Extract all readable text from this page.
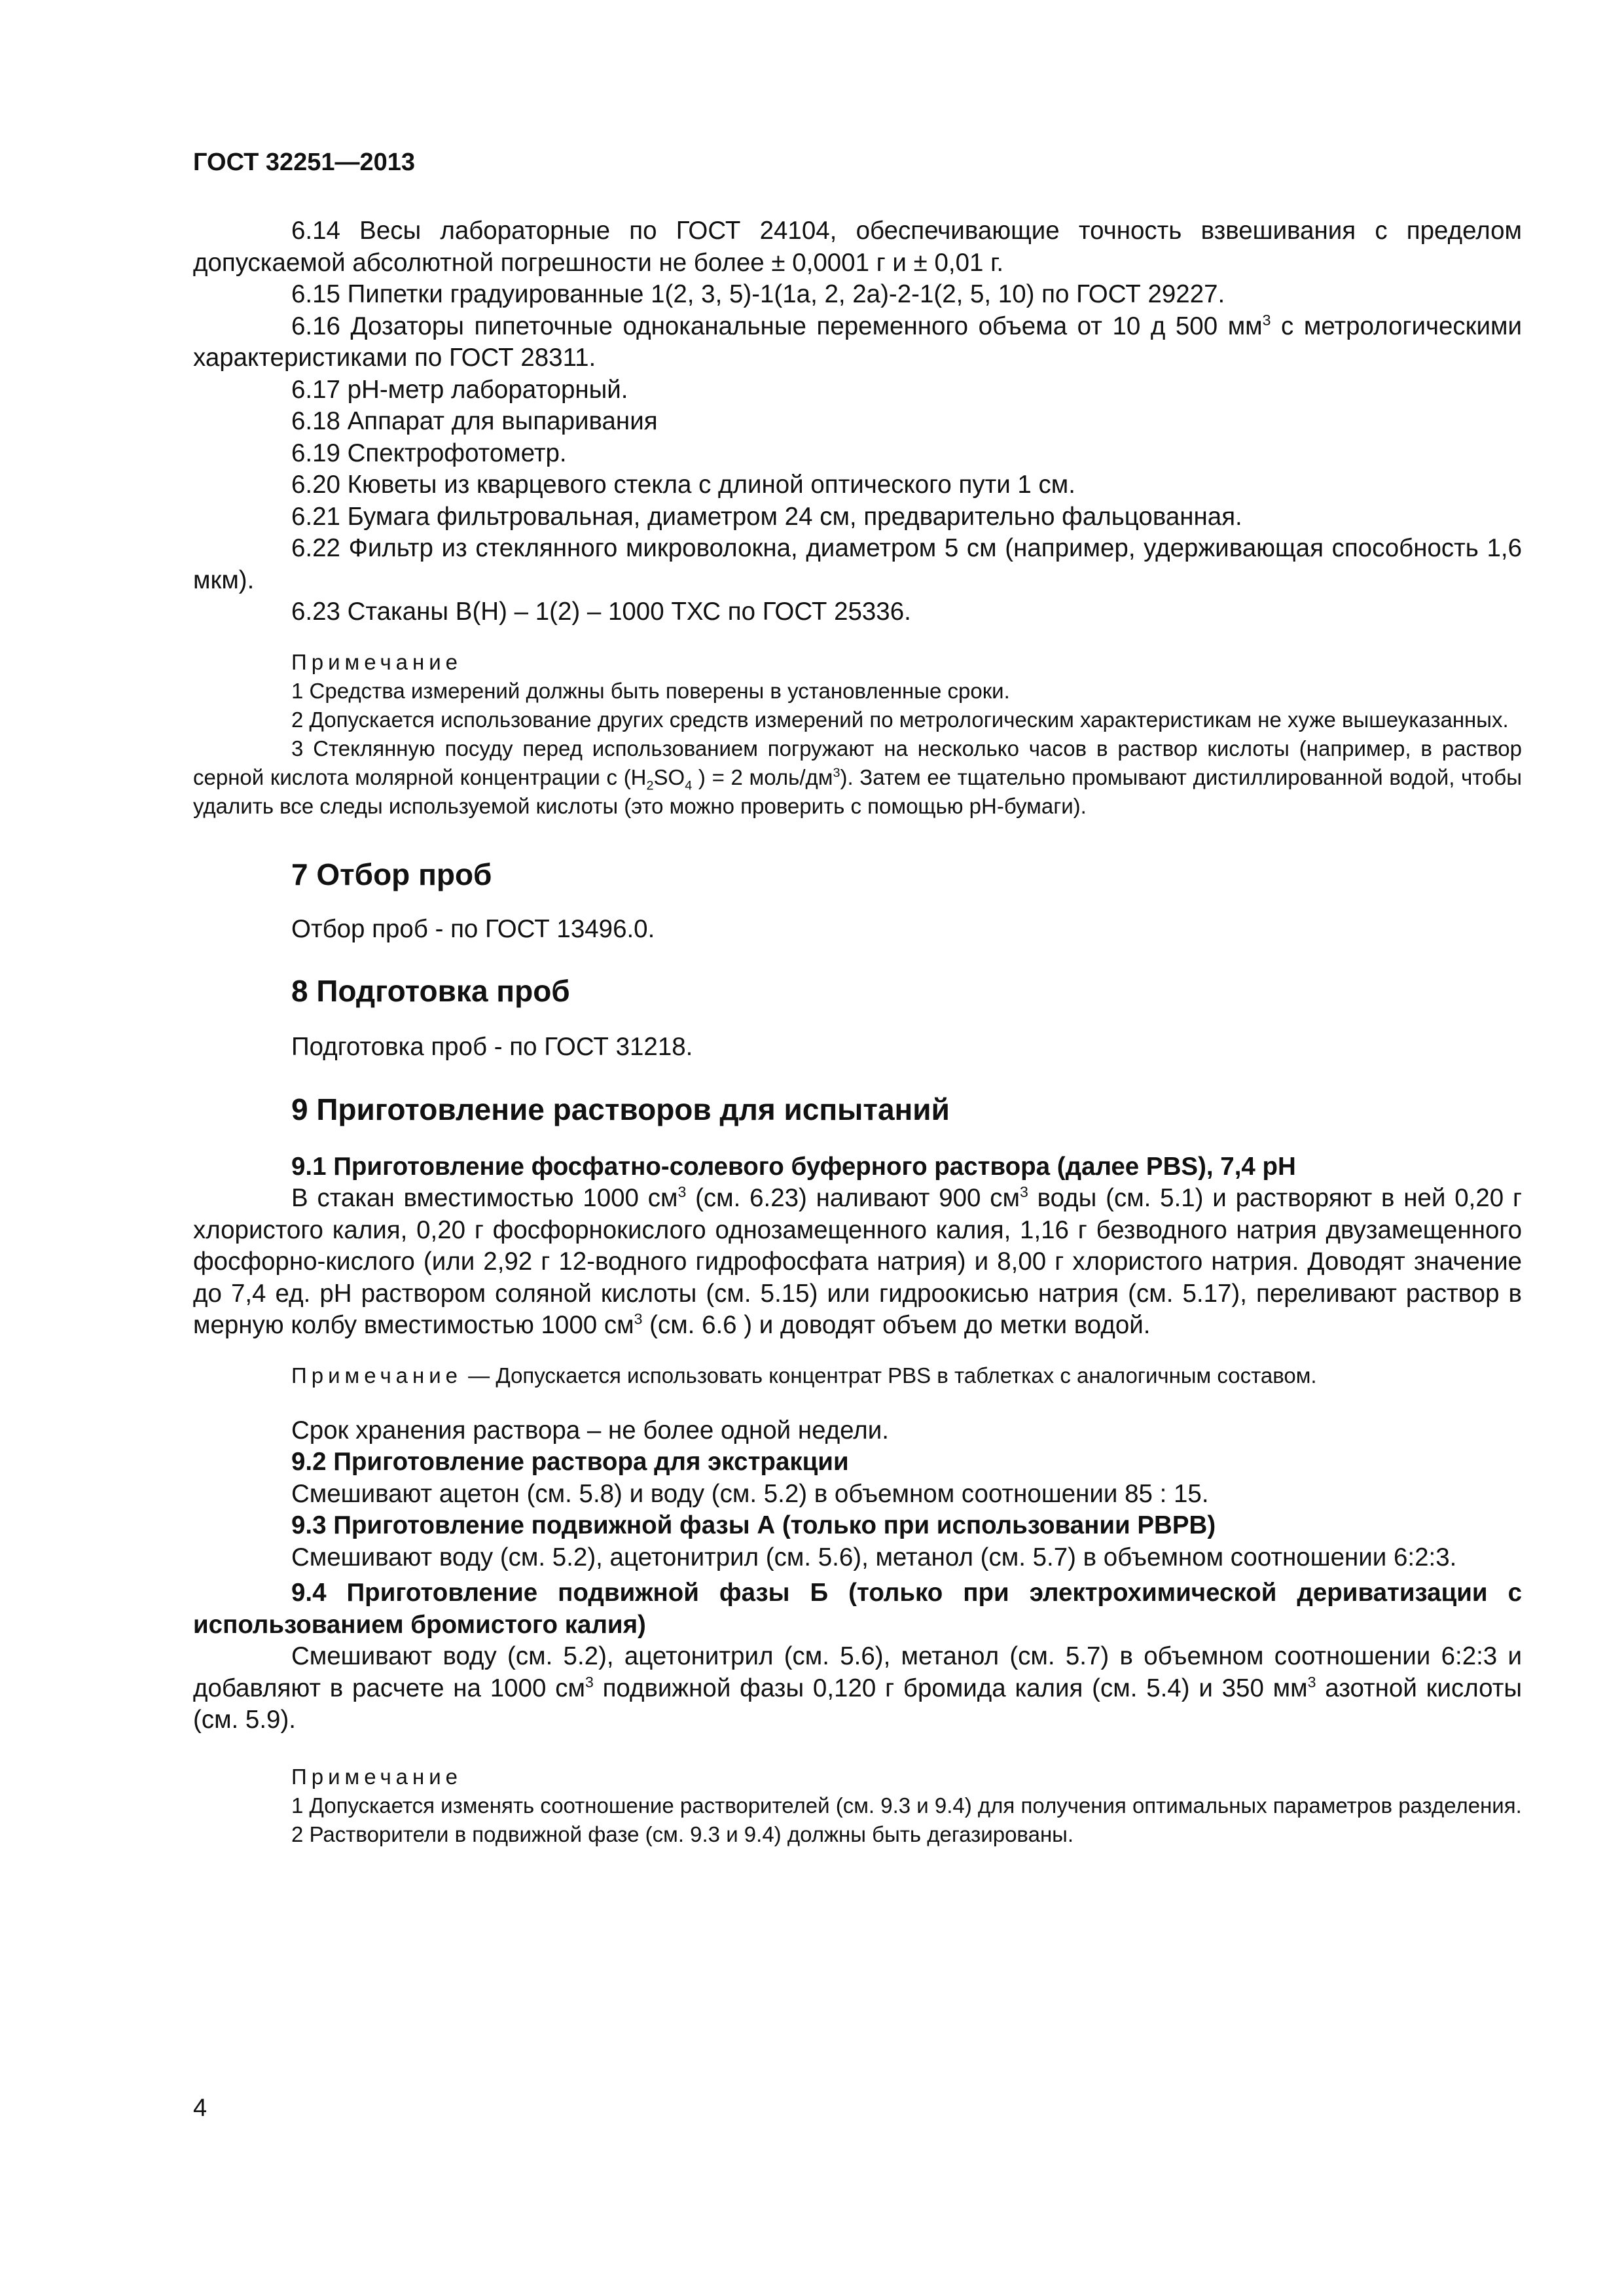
ГОСТ 32251—2013

6.14 Весы лабораторные по ГОСТ 24104, обеспечивающие точность взвешивания с пределом допускаемой абсолютной погрешности не более ± 0,0001 г и ± 0,01 г.

6.15 Пипетки градуированные 1(2, 3, 5)-1(1а, 2, 2а)-2-1(2, 5, 10) по ГОСТ 29227.

6.16 Дозаторы пипеточные одноканальные переменного объема от 10 д 500 $мм^3$ с метрологическими характеристиками по ГОСТ 28311.

6.17 pH-метр лабораторный.

6.18 Аппарат для выпаривания

6.19 Спектрофотометр.

6.20 Кюветы из кварцевого стекла с длиной оптического пути 1 см.

6.21 Бумага фильтровальная, диаметром 24 см, предварительно фальцованная.

6.22 Фильтр из стеклянного микроволокна, диаметром 5 см (например, удерживающая способность 1,6 мкм).

6.23 Стаканы В(Н) – 1(2) – 1000 ТХС по ГОСТ 25336.

Примечание

1 Средства измерений должны быть поверены в установленные сроки.

2 Допускается использование других средств измерений по метрологическим характеристикам не хуже вышеуказанных.

3 Стеклянную посуду перед использованием погружают на несколько часов в раствор кислоты (например, в раствор серной кислота молярной концентрации с ($H_2SO_4$ ) = 2 моль/$дм^3$). Затем ее тщательно промывают дистиллированной водой, чтобы удалить все следы используемой кислоты (это можно проверить с помощью pH-бумаги).

7 Отбор проб

Отбор проб - по ГОСТ 13496.0.

8 Подготовка проб

Подготовка проб - по ГОСТ 31218.

9 Приготовление растворов для испытаний

9.1 Приготовление фосфатно-солевого буферного раствора (далее PBS), 7,4 pH

В стакан вместимостью 1000 $см^3$ (см. 6.23) наливают 900 $см^3$ воды (см. 5.1) и растворяют в ней 0,20 г хлористого калия, 0,20 г фосфорнокислого однозамещенного калия, 1,16 г безводного натрия двузамещенного фосфорно-кислого (или 2,92 г 12-водного гидрофосфата натрия) и 8,00 г хлористого натрия. Доводят значение до 7,4 ед. pH раствором соляной кислоты (см. 5.15) или гидроокисью натрия (см. 5.17), переливают раствор в мерную колбу вместимостью 1000 $см^3$ (см. 6.6 ) и доводят объем до метки водой.

Примечание — Допускается использовать концентрат PBS в таблетках с аналогичным составом.

Срок хранения раствора – не более одной недели.

9.2 Приготовление раствора для экстракции

Смешивают ацетон (см. 5.8) и воду (см. 5.2) в объемном соотношении 85 : 15.

9.3 Приготовление подвижной фазы А (только при использовании PBPB)

Смешивают воду (см. 5.2), ацетонитрил (см. 5.6), метанол (см. 5.7) в объемном соотношении 6:2:3.

9.4 Приготовление подвижной фазы Б (только при электрохимической дериватизации с использованием бромистого калия)

Смешивают воду (см. 5.2), ацетонитрил (см. 5.6), метанол (см. 5.7) в объемном соотношении 6:2:3 и добавляют в расчете на 1000 $см^3$ подвижной фазы 0,120 г бромида калия (см. 5.4) и 350 $мм^3$ азотной кислоты (см. 5.9).

Примечание

1 Допускается изменять соотношение растворителей (см. 9.3 и 9.4) для получения оптимальных параметров разделения.

2 Растворители в подвижной фазе (см. 9.3 и 9.4) должны быть дегазированы.

4
